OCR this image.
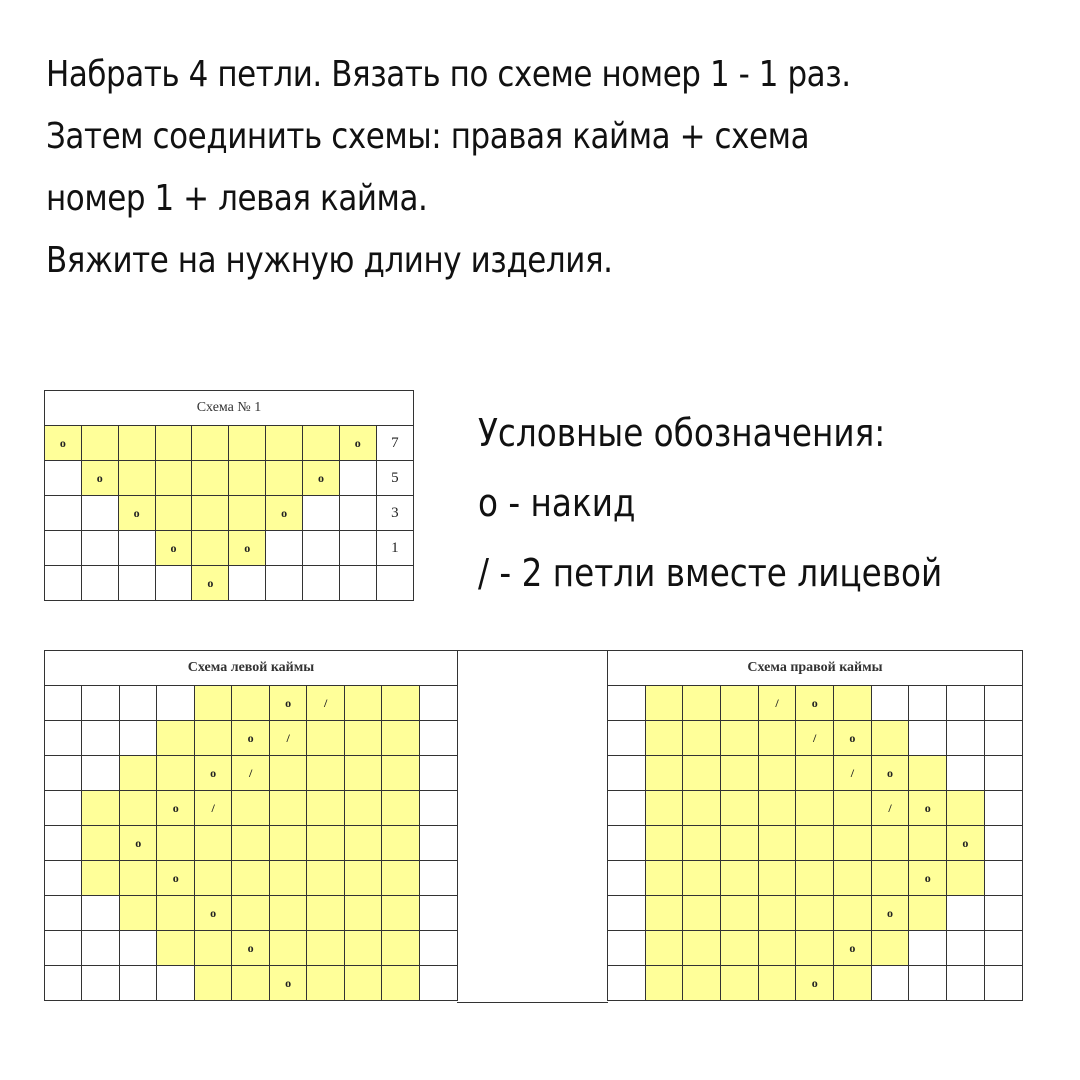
Набрать 4 петли. Вязать по схеме номер 1 - 1 раз.
Затем соединить схемы: правая кайма + схема
номер 1 + левая кайма.
Вяжите на нужную длину изделия.
Схема № 1									
о								о	7
	о						о		5
		о				о			3
			о		о				1
				о					
Условные обозначения:
о - накид
/ - 2 петли вместе лицевой
Схема левой каймы										
						о	/			
					о	/				
				о	/					
			о	/						
		о								
			о							
				о						
					о					
						о				
Схема правой каймы										
				/	о					
					/	о				
						/	о			
							/	о		
									о	
								о		
							о			
						о				
					о					
